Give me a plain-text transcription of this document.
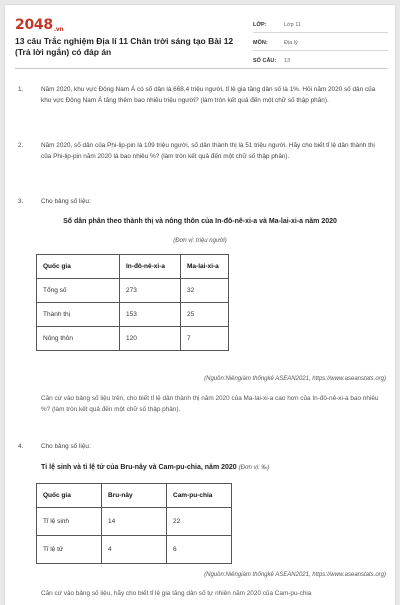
2048.vn
13 câu Trắc nghiệm Địa lí 11 Chân trời sáng tạo Bài 12 (Trả lời ngắn) có đáp án
LỚP:	Lớp 11
MÔN:	Địa lý
SỐ CÂU:	13
1.	Năm 2020, khu vực Đông Nam Á có số dân là 668,4 triệu người, tỉ lệ gia tăng dân số là 1%. Hỏi năm 2020 số dân của khu vực Đông Nam Á tăng thêm bao nhiêu triệu người? (làm tròn kết quả đến một chữ số thập phân).
2.	Năm 2020, số dân của Phi-lip-pin là 109 triệu người, số dân thành thị là 51 triệu người. Hãy cho biết tỉ lệ dân thành thị của Phi-lip-pin năm 2020 là bao nhiêu %? (làm tròn kết quả đến một chữ số thập phân).
3.	Cho bảng số liệu:
Số dân phân theo thành thị và nông thôn của In-đô-nê-xi-a và Ma-lai-xi-a năm 2020
(Đơn vị: triệu người)
Quốc gia	In-đô-nê-xi-a	Ma-lai-xi-a
Tổng số	273	32
Thành thị	153	25
Nông thôn	120	7
(Nguồn:Niêngiám thốngkê ASEAN2021, https://www.aseanstats.org)
Căn cứ vào bảng số liệu trên, cho biết tỉ lệ dân thành thị năm 2020 của Ma-lai-xi-a cao hơn của In-đô-nê-xi-a bao nhiêu %? (làm tròn kết quả đến một chữ số thập phân).
4.	Cho bảng số liệu:
Tỉ lệ sinh và tỉ lệ tử của Bru-nây và Cam-pu-chia, năm 2020 (Đơn vị: ‰)
Quốc gia	Bru-nây	Cam-pu-chia
Tỉ lệ sinh	14	22
Tỉ lệ tử	4	6
(Nguồn:Niêngiám thốngkê ASEAN2021, https://www.aseanstats.org)
Căn cứ vào bảng số liệu, hãy cho biết tỉ lệ gia tăng dân số tự nhiên năm 2020 của Cam-pu-chia
